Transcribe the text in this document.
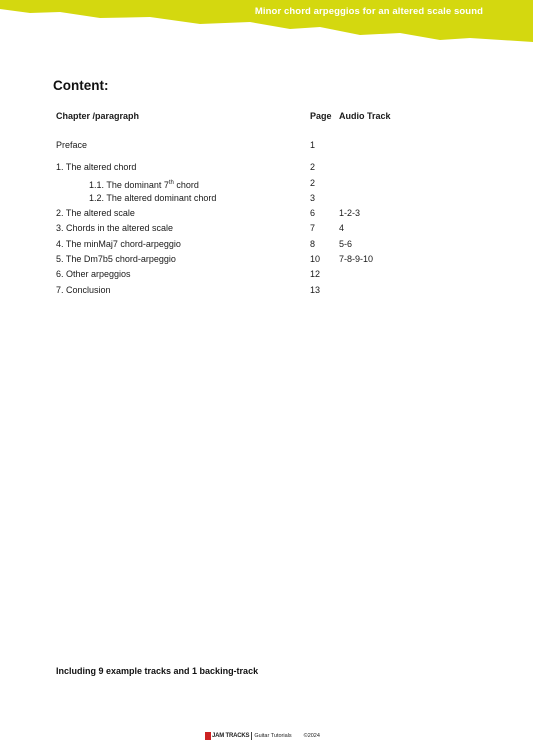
Minor chord arpeggios for an altered scale sound
Content:
Chapter /paragraph	Page Audio Track
Preface	1
1. The altered chord	2
1.1. The dominant 7th chord	2
1.2. The altered dominant chord	3
2. The altered scale	6	1-2-3
3. Chords in the altered scale	7	4
4. The minMaj7 chord-arpeggio	8	5-6
5. The Dm7b5 chord-arpeggio	10 7-8-9-10
6. Other arpeggios	12
7. Conclusion	13
Including 9 example tracks and 1 backing-track
JAM TRACKS Guitar Tutorials ©2024
